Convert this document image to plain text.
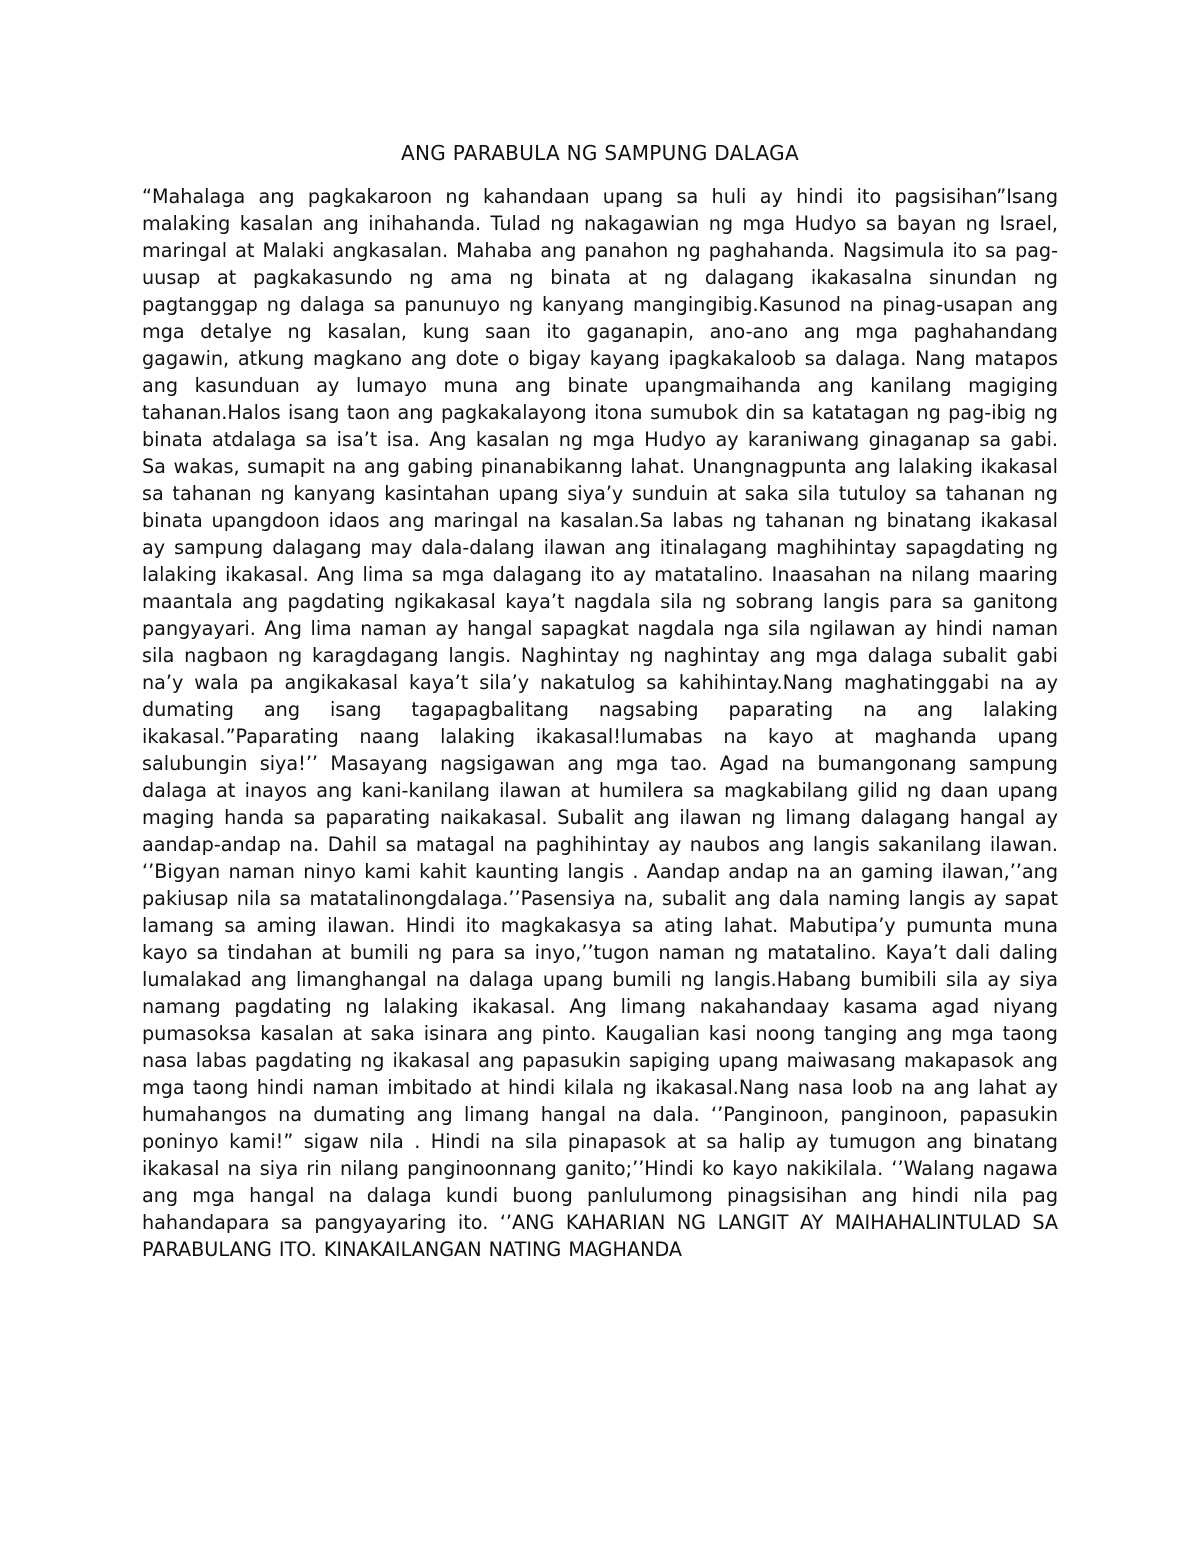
ANG PARABULA NG SAMPUNG DALAGA

“Mahalaga ang pagkakaroon ng kahandaan upang sa huli ay hindi ito pagsisihan”Isang malaking kasalan ang inihahanda. Tulad ng nakagawian ng mga Hudyo sa bayan ng Israel, maringal at Malaki angkasalan. Mahaba ang panahon ng paghahanda. Nagsimula ito sa pag-uusap at pagkakasundo ng ama ng binata at ng dalagang ikakasalna sinundan ng pagtanggap ng dalaga sa panunuyo ng kanyang mangingibig.Kasunod na pinag-usapan ang mga detalye ng kasalan, kung saan ito gaganapin, ano-ano ang mga paghahandang gagawin, atkung magkano ang dote o bigay kayang ipagkakaloob sa dalaga. Nang matapos ang kasunduan ay lumayo muna ang binate upangmaihanda ang kanilang magiging tahanan.Halos isang taon ang pagkakalayong itona sumubok din sa katatagan ng pag-ibig ng binata atdalaga sa isa’t isa. Ang kasalan ng mga Hudyo ay karaniwang ginaganap sa gabi. Sa wakas, sumapit na ang gabing pinanabikanng lahat. Unangnagpunta ang lalaking ikakasal sa tahanan ng kanyang kasintahan upang siya’y sunduin at saka sila tutuloy sa tahanan ng binata upangdoon idaos ang maringal na kasalan.Sa labas ng tahanan ng binatang ikakasal ay sampung dalagang may dala-dalang ilawan ang itinalagang maghihintay sapagdating ng lalaking ikakasal. Ang lima sa mga dalagang ito ay matatalino. Inaasahan na nilang maaring maantala ang pagdating ngikakasal kaya’t nagdala sila ng sobrang langis para sa ganitong pangyayari. Ang lima naman ay hangal sapagkat nagdala nga sila ngilawan ay hindi naman sila nagbaon ng karagdagang langis. Naghintay ng naghintay ang mga dalaga subalit gabi na’y wala pa angikakasal kaya’t sila’y nakatulog sa kahihintay.Nang maghatinggabi na ay dumating ang isang tagapagbalitang nagsabing paparating na ang lalaking ikakasal.”Paparating naang lalaking ikakasal!lumabas na kayo at maghanda upang salubungin siya!’’ Masayang nagsigawan ang mga tao. Agad na bumangonang sampung dalaga at inayos ang kani-kanilang ilawan at humilera sa magkabilang gilid ng daan upang maging handa sa paparating naikakasal. Subalit ang ilawan ng limang dalagang hangal ay aandap-andap na. Dahil sa matagal na paghihintay ay naubos ang langis sakanilang ilawan. ‘’Bigyan naman ninyo kami kahit kaunting langis . Aandap andap na an gaming ilawan,’’ang pakiusap nila sa matatalinongdalaga.’’Pasensiya na, subalit ang dala naming langis ay sapat lamang sa aming ilawan. Hindi ito magkakasya sa ating lahat. Mabutipa’y pumunta muna kayo sa tindahan at bumili ng para sa inyo,’’tugon naman ng matatalino. Kaya’t dali daling lumalakad ang limanghangal na dalaga upang bumili ng langis.Habang bumibili sila ay siya namang pagdating ng lalaking ikakasal. Ang limang nakahandaay kasama agad niyang pumasoksa kasalan at saka isinara ang pinto. Kaugalian kasi noong tanging ang mga taong nasa labas pagdating ng ikakasal ang papasukin sapiging upang maiwasang makapasok ang mga taong hindi naman imbitado at hindi kilala ng ikakasal.Nang nasa loob na ang lahat ay humahangos na dumating ang limang hangal na dala. ‘’Panginoon, panginoon, papasukin poninyo kami!” sigaw nila . Hindi na sila pinapasok at sa halip ay tumugon ang binatang ikakasal na siya rin nilang panginoonnang ganito;’’Hindi ko kayo nakikilala. ‘’Walang nagawa ang mga hangal na dalaga kundi buong panlulumong pinagsisihan ang hindi nila pag hahandapara sa pangyayaring ito. ‘’ANG KAHARIAN NG LANGIT AY MAIHAHALINTULAD SA PARABULANG ITO. KINAKAILANGAN NATING MAGHANDA
